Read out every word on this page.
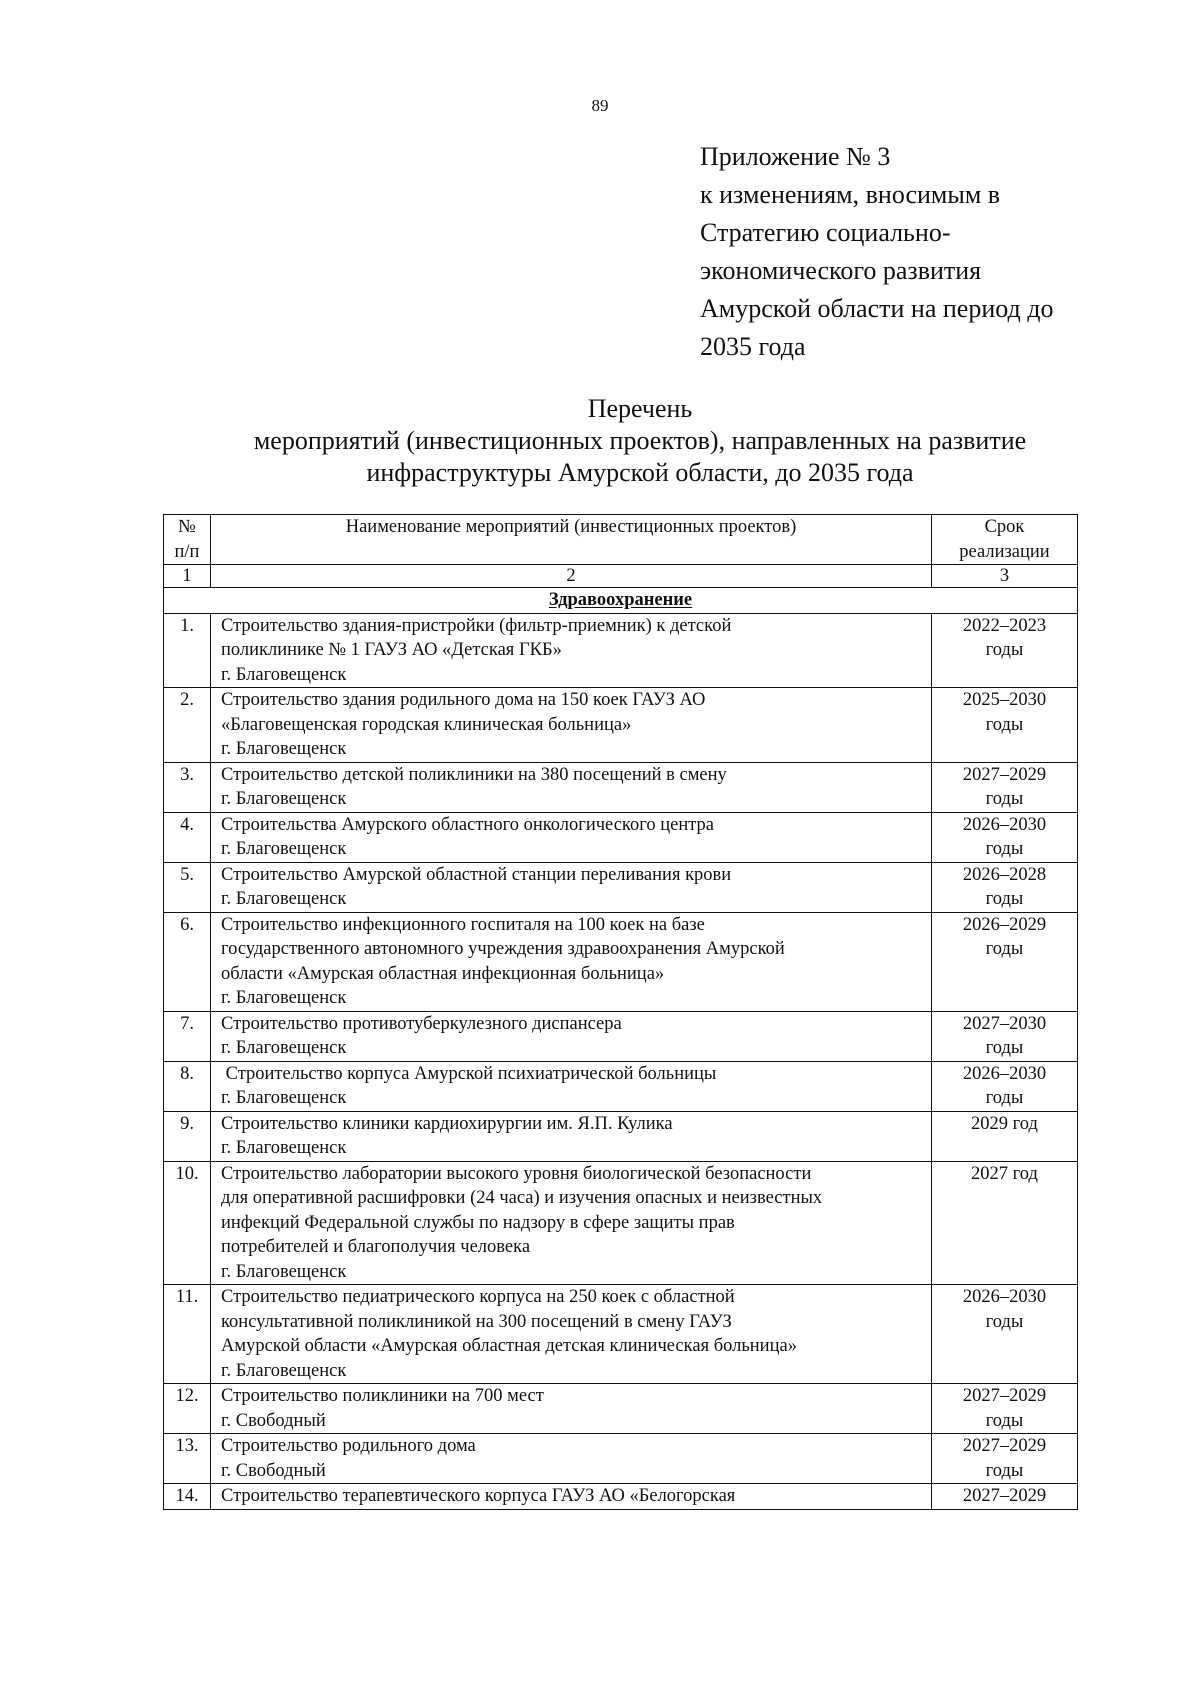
89
Приложение № 3
к изменениям, вносимым в
Стратегию социально-
экономического развития
Амурской области на период до
2035 года
Перечень
мероприятий (инвестиционных проектов), направленных на развитие
инфраструктуры Амурской области, до 2035 года
№
п/п	Наименование мероприятий (инвестиционных проектов)	Срок
реализации

1	2	3
Здравоохранение		
1.	Строительство здания-пристройки (фильтр-приемник) к детской
поликлинике № 1 ГАУЗ АО «Детская ГКБ»
г. Благовещенск	2022–2023
годы

2.	Строительство здания родильного дома на 150 коек ГАУЗ АО
«Благовещенская городская клиническая больница»
г. Благовещенск	2025–2030
годы

3.	Строительство детской поликлиники на 380 посещений в смену
г. Благовещенск	2027–2029
годы

4.	Строительства Амурского областного онкологического центра
г. Благовещенск	2026–2030
годы

5.	Строительство Амурской областной станции переливания крови
г. Благовещенск	2026–2028
годы

6.	Строительство инфекционного госпиталя на 100 коек на базе
государственного автономного учреждения здравоохранения Амурской
области «Амурская областная инфекционная больница»
г. Благовещенск	2026–2029
годы

7.	Строительство противотуберкулезного диспансера
г. Благовещенск	2027–2030
годы

8.	Строительство корпуса Амурской психиатрической больницы
г. Благовещенск	2026–2030
годы

9.	Строительство клиники кардиохирургии им. Я.П. Кулика
г. Благовещенск	2029 год

10.	Строительство лаборатории высокого уровня биологической безопасности
для оперативной расшифровки (24 часа) и изучения опасных и неизвестных
инфекций Федеральной службы по надзору в сфере защиты прав
потребителей и благополучия человека
г. Благовещенск	2027 год

11.	Строительство педиатрического корпуса на 250 коек с областной
консультативной поликлиникой на 300 посещений в смену ГАУЗ
Амурской области «Амурская областная детская клиническая больница»
г. Благовещенск	2026–2030
годы

12.	Строительство поликлиники на 700 мест
г. Свободный	2027–2029
годы

13.	Строительство родильного дома
г. Свободный	2027–2029
годы

14.	Строительство терапевтического корпуса ГАУЗ АО «Белогорская	2027–2029
